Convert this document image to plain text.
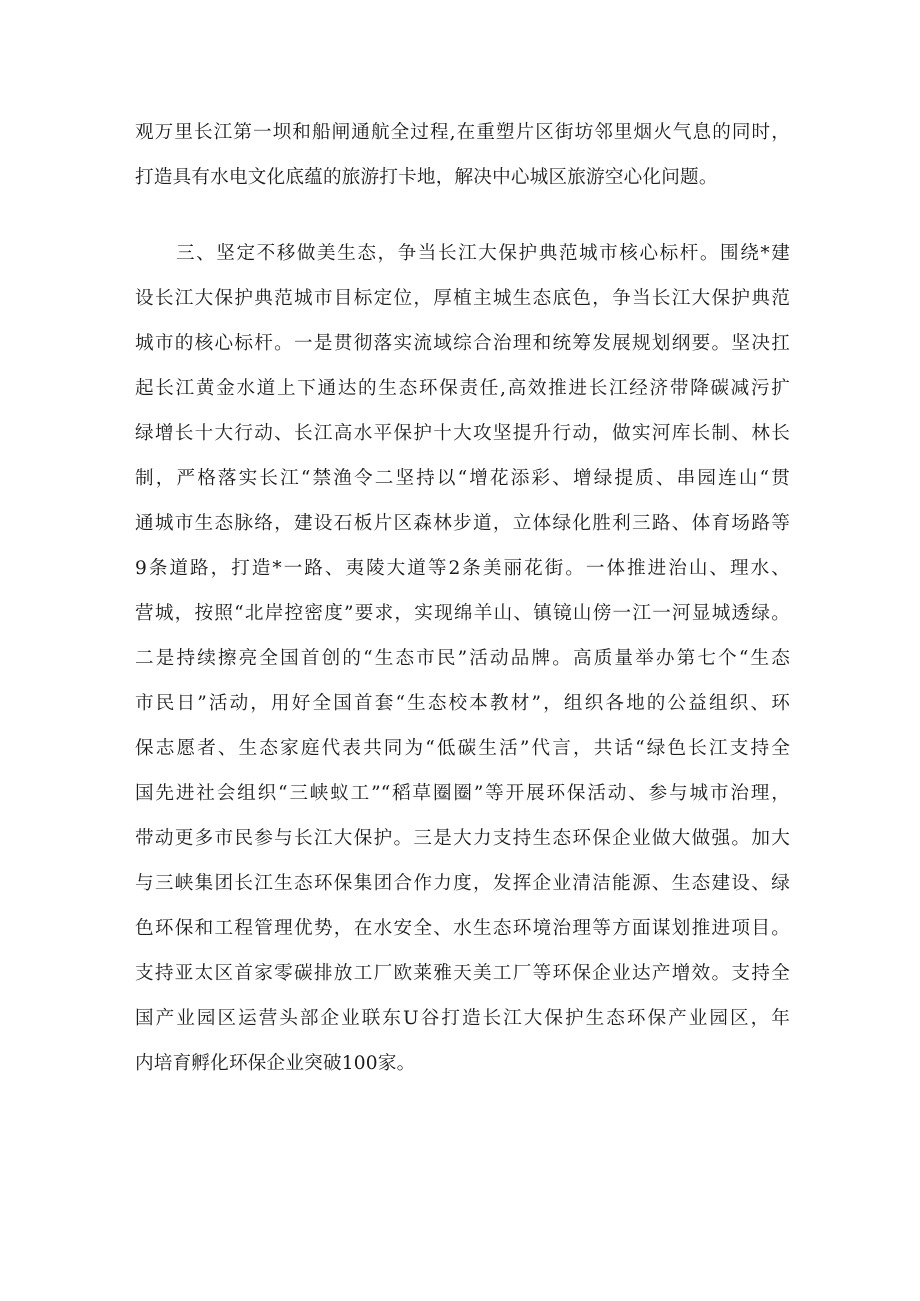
观万里长江第一坝和船闸通航全过程,在重塑片区街坊邻里烟火气息的同时，
打造具有水电文化底蕴的旅游打卡地，解决中心城区旅游空心化问题。
三、坚定不移做美生态，争当长江大保护典范城市核心标杆。围绕*建
设长江大保护典范城市目标定位，厚植主城生态底色，争当长江大保护典范
城市的核心标杆。一是贯彻落实流域综合治理和统筹发展规划纲要。坚决扛
起长江黄金水道上下通达的生态环保责任,高效推进长江经济带降碳减污扩
绿增长十大行动、长江高水平保护十大攻坚提升行动，做实河库长制、林长
制，严格落实长江“禁渔令二坚持以“增花添彩、增绿提质、串园连山“贯
通城市生态脉络，建设石板片区森林步道，立体绿化胜利三路、体育场路等
9条道路，打造*一路、夷陵大道等2条美丽花街。一体推进治山、理水、
营城，按照“北岸控密度”要求，实现绵羊山、镇镜山傍一江一河显城透绿。
二是持续擦亮全国首创的“生态市民”活动品牌。高质量举办第七个“生态
市民日”活动，用好全国首套“生态校本教材”，组织各地的公益组织、环
保志愿者、生态家庭代表共同为“低碳生活”代言，共话“绿色长江支持全
国先进社会组织“三峡蚁工”“稻草圈圈”等开展环保活动、参与城市治理，
带动更多市民参与长江大保护。三是大力支持生态环保企业做大做强。加大
与三峡集团长江生态环保集团合作力度，发挥企业清洁能源、生态建设、绿
色环保和工程管理优势，在水安全、水生态环境治理等方面谋划推进项目。
支持亚太区首家零碳排放工厂欧莱雅天美工厂等环保企业达产增效。支持全
国产业园区运营头部企业联东U谷打造长江大保护生态环保产业园区，年
内培育孵化环保企业突破100家。
